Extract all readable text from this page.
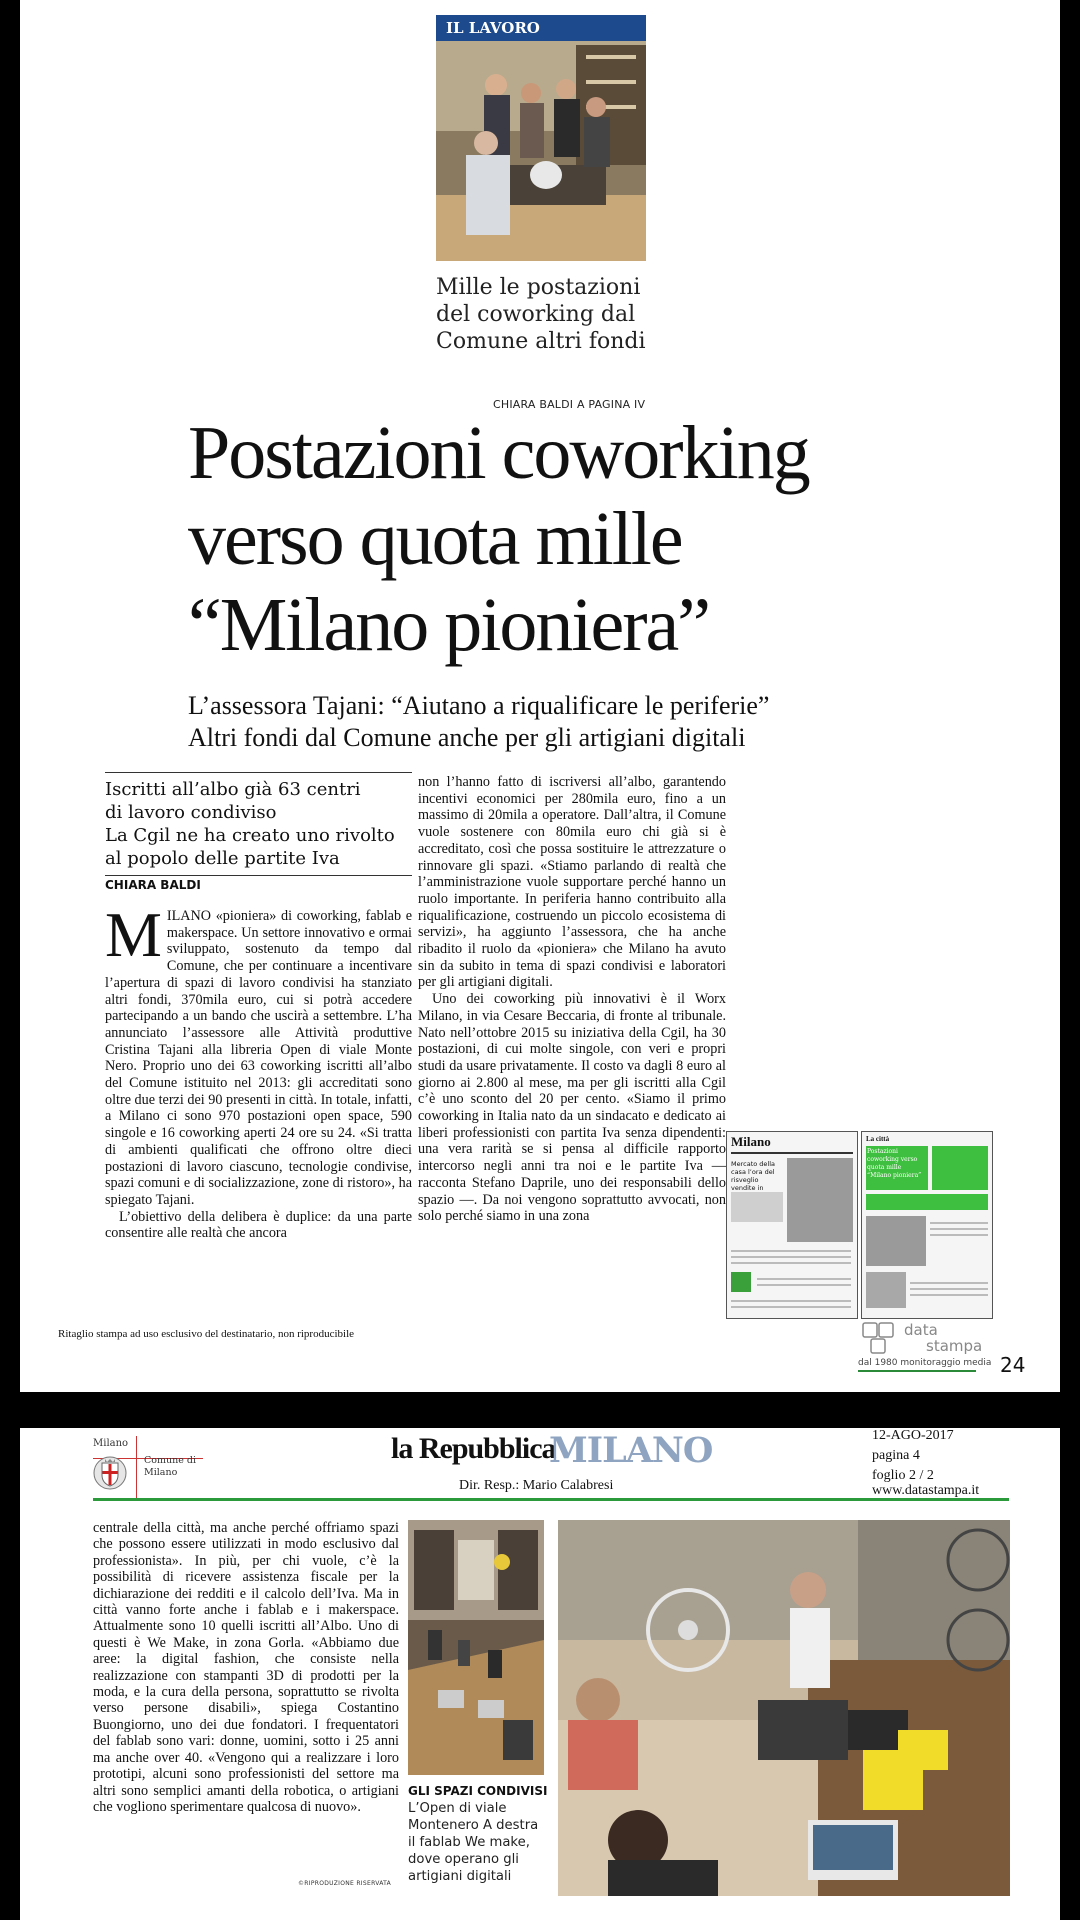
IL LAVORO
Mille le postazioni del coworking dal Comune altri fondi
CHIARA BALDI A PAGINA IV
Postazioni coworking
verso quota mille
“Milano pioniera”
L’assessora Tajani: “Aiutano a riqualificare le periferie”
Altri fondi dal Comune anche per gli artigiani digitali
Iscritti all’albo già 63 centri
di lavoro condiviso
La Cgil ne ha creato uno rivolto
al popolo delle partite Iva
CHIARA BALDI

MILANO «pioniera» di coworking, fablab e makerspace. Un settore innovativo e ormai sviluppato, sostenuto da tempo dal Comune, che per continuare a incentivare l’apertura di spazi di lavoro condivisi ha stanziato altri fondi, 370mila euro, cui si potrà accedere partecipando a un bando che uscirà a settembre. L’ha annunciato l’assessore alle Attività produttive Cristina Tajani alla libreria Open di viale Monte Nero. Proprio uno dei 63 coworking iscritti all’albo del Comune istituito nel 2013: gli accreditati sono oltre due terzi dei 90 presenti in città. In totale, infatti, a Milano ci sono 970 postazioni open space, 590 singole e 16 coworking aperti 24 ore su 24. «Si tratta di ambienti qualificati che offrono oltre dieci postazioni di lavoro ciascuno, tecnologie condivise, spazi comuni e di socializzazione, zone di ristoro», ha spiegato Tajani.

L’obiettivo della delibera è duplice: da una parte consentire alle realtà che ancora

non l’hanno fatto di iscriversi all’albo, garantendo incentivi economici per 280mila euro, fino a un massimo di 20mila a operatore. Dall’altra, il Comune vuole sostenere con 80mila euro chi già si è accreditato, così che possa sostituire le attrezzature o rinnovare gli spazi. «Stiamo parlando di realtà che l’amministrazione vuole supportare perché hanno un ruolo importante. In periferia hanno contribuito alla riqualificazione, costruendo un piccolo ecosistema di servizi», ha aggiunto l’assessora, che ha anche ribadito il ruolo da «pioniera» che Milano ha avuto sin da subito in tema di spazi condivisi e laboratori per gli artigiani digitali.

Uno dei coworking più innovativi è il Worx Milano, in via Cesare Beccaria, di fronte al tribunale. Nato nell’ottobre 2015 su iniziativa della Cgil, ha 30 postazioni, di cui molte singole, con veri e propri studi da usare privatamente. Il costo va dagli 8 euro al giorno ai 2.800 al mese, ma per gli iscritti alla Cgil c’è uno sconto del 20 per cento. «Siamo il primo coworking in Italia nato da un sindacato e dedicato ai liberi professionisti con partita Iva senza dipendenti: una vera rarità se si pensa al difficile rapporto intercorso negli anni tra noi e le partite Iva — racconta Stefano Daprile, uno dei responsabili dello spazio —. Da noi vengono soprattutto avvocati, non solo perché siamo in una zona

Milano
Mercato della casa l’ora del risveglio vendite in
La città
Postazioni coworking verso quota mille “Milano pioniera”
Ritaglio stampa ad uso esclusivo del destinatario, non riproducibile	data
stampa
dal 1980 monitoraggio media 24
Milano
Comune di Milano
la Repubblica
MILANO
Dir. Resp.: Mario Calabresi
12-AGO-2017
pagina 4
foglio 2 / 2
www.datastampa.it
centrale della città, ma anche perché offriamo spazi che possono essere utilizzati in modo esclusivo dal professionista». In più, per chi vuole, c’è la possibilità di ricevere assistenza fiscale per la dichiarazione dei redditi e il calcolo dell’Iva. Ma in città vanno forte anche i fablab e i makerspace. Attualmente sono 10 quelli iscritti all’Albo. Uno di questi è We Make, in zona Gorla. «Abbiamo due aree: la digital fashion, che consiste nella realizzazione con stampanti 3D di prodotti per la moda, e la cura della persona, soprattutto se rivolta verso persone disabili», spiega Costantino Buongiorno, uno dei due fondatori. I frequentatori del fablab sono vari: donne, uomini, sotto i 25 anni ma anche over 40. «Vengono qui a realizzare i loro prototipi, alcuni sono professionisti del settore ma altri sono semplici amanti della robotica, o artigiani che vogliono sperimentare qualcosa di nuovo».
©RIPRODUZIONE RISERVATA
GLI SPAZI CONDIVISI
L’Open di viale Montenero A destra il fablab We make, dove operano gli artigiani digitali
